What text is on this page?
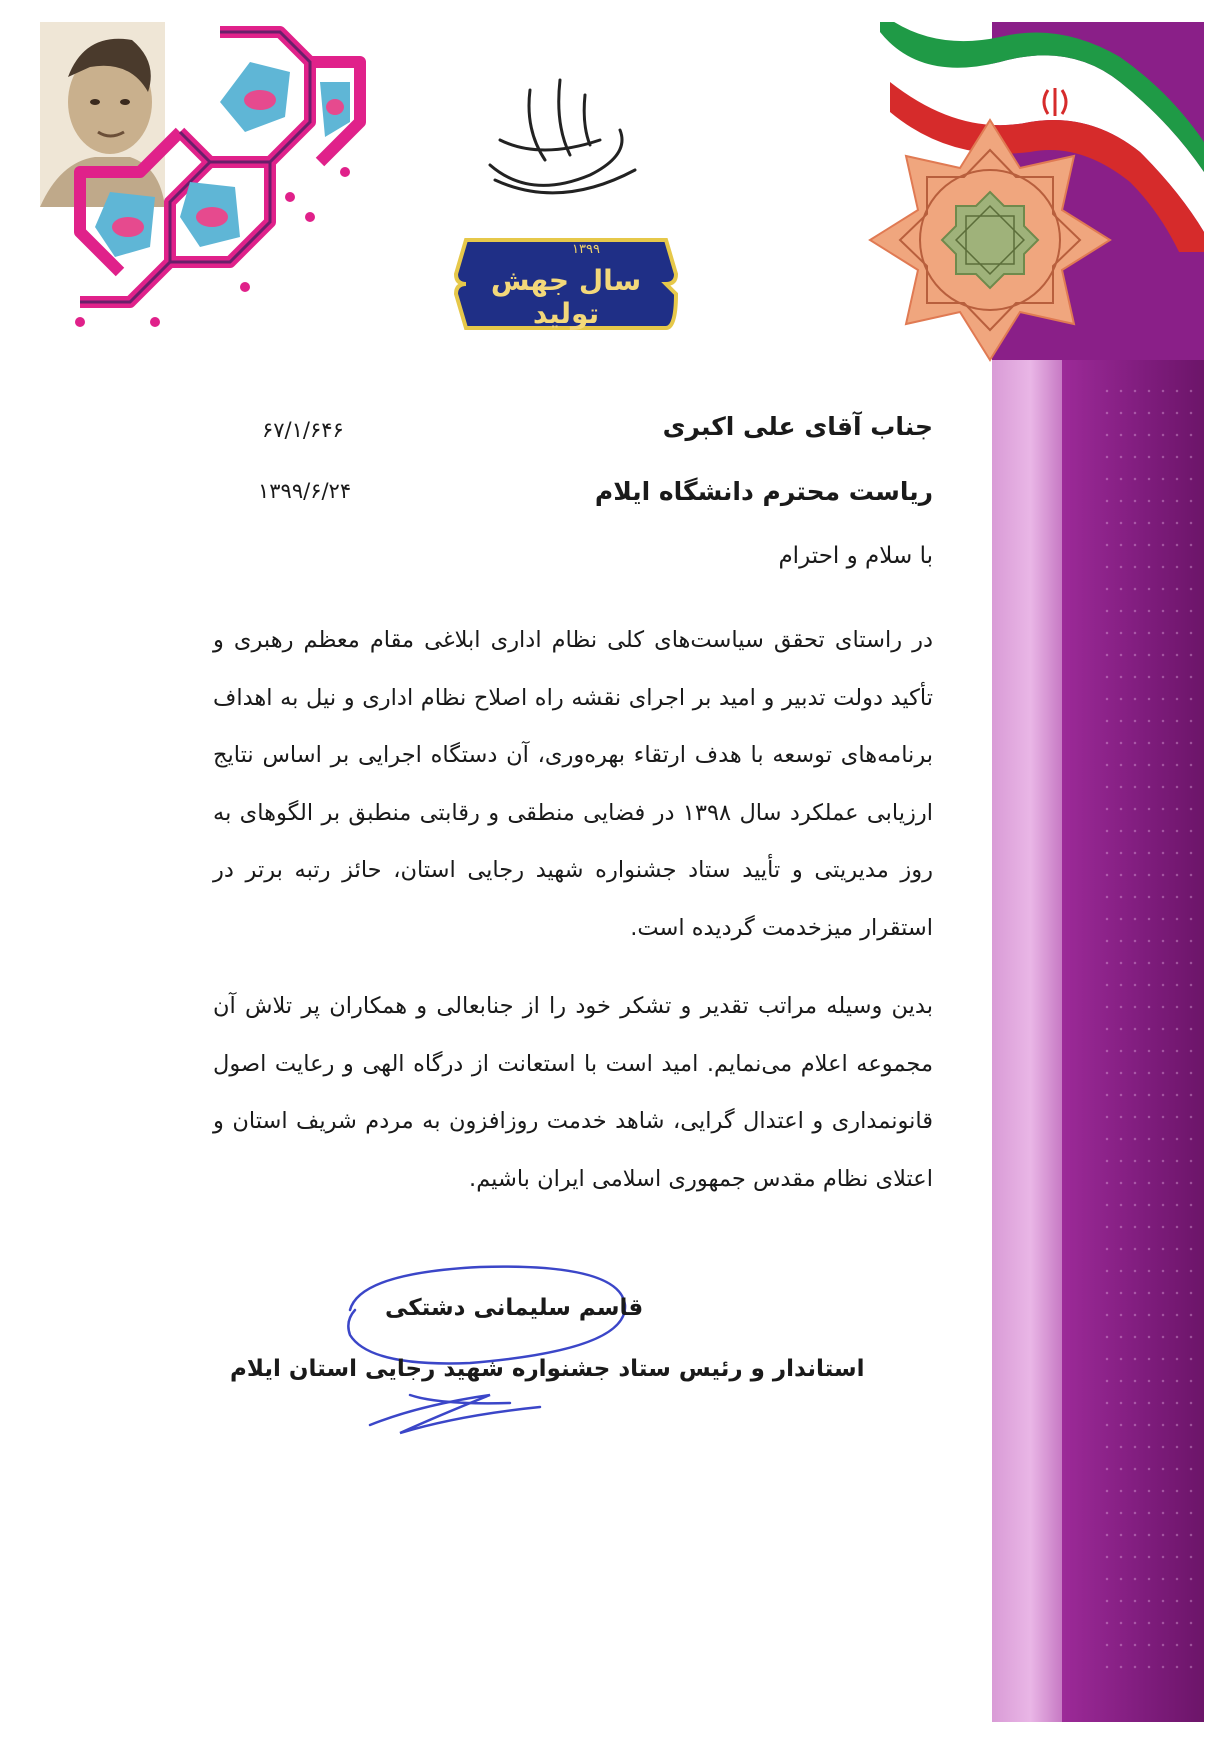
۱۳۹۹
سال جهش تولید
۶۷/۱/۶۴۶
۱۳۹۹/۶/۲۴
جناب آقای علی اکبری
ریاست محترم دانشگاه ایلام
با سلام و احترام
در راستای تحقق سیاست‌های کلی نظام اداری ابلاغی مقام معظم رهبری و تأکید دولت تدبیر و امید بر اجرای نقشه راه اصلاح نظام اداری و نیل به اهداف برنامه‌های توسعه با هدف ارتقاء بهره‌وری، آن دستگاه اجرایی بر اساس نتایج ارزیابی عملکرد سال ۱۳۹۸ در فضایی منطقی و رقابتی منطبق بر الگوهای به روز مدیریتی و تأیید ستاد جشنواره شهید رجایی استان، حائز رتبه برتر در استقرار میزخدمت گردیده است.
بدین وسیله مراتب تقدیر و تشکر خود را از جنابعالی و همکاران پر تلاش آن مجموعه اعلام می‌نمایم. امید است با استعانت از درگاه الهی و رعایت اصول قانونمداری و اعتدال گرایی، شاهد خدمت روزافزون به مردم شریف استان و اعتلای نظام مقدس جمهوری اسلامی ایران باشیم.
قاسم سلیمانی دشتکی
استاندار و رئیس ستاد جشنواره شهید رجایی استان ایلام
